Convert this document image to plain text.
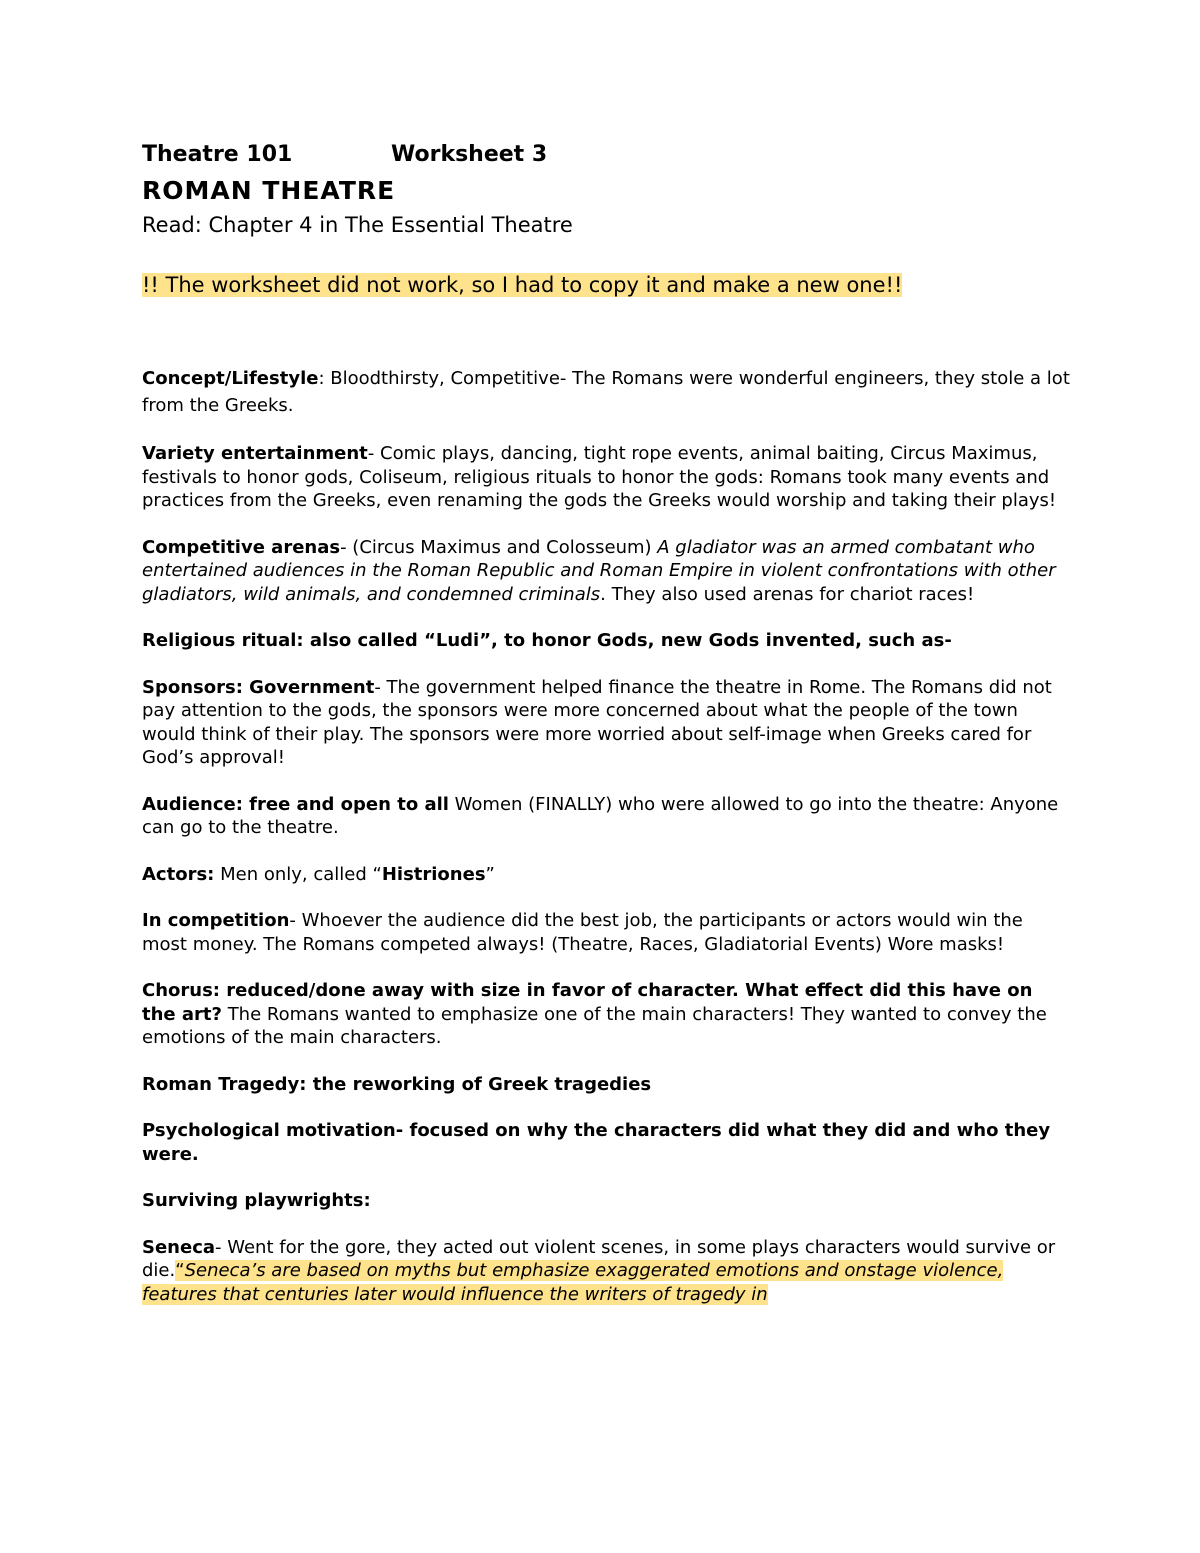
Theatre 101	Worksheet 3
ROMAN THEATRE
Read: Chapter 4 in The Essential Theatre
!! The worksheet did not work, so I had to copy it and make a new one!!
Concept/Lifestyle: Bloodthirsty, Competitive- The Romans were wonderful engineers, they stole a lot from the Greeks.
Variety entertainment- Comic plays, dancing, tight rope events, animal baiting, Circus Maximus, festivals to honor gods, Coliseum, religious rituals to honor the gods: Romans took many events and practices from the Greeks, even renaming the gods the Greeks would worship and taking their plays!
Competitive arenas- (Circus Maximus and Colosseum) A gladiator was an armed combatant who entertained audiences in the Roman Republic and Roman Empire in violent confrontations with other gladiators, wild animals, and condemned criminals. They also used arenas for chariot races!
Religious ritual: also called “Ludi”, to honor Gods, new Gods invented, such as-
Sponsors: Government- The government helped finance the theatre in Rome. The Romans did not pay attention to the gods, the sponsors were more concerned about what the people of the town would think of their play. The sponsors were more worried about self-image when Greeks cared for God’s approval!
Audience: free and open to all Women (FINALLY) who were allowed to go into the theatre: Anyone can go to the theatre.
Actors: Men only, called “Histriones”
In competition- Whoever the audience did the best job, the participants or actors would win the most money. The Romans competed always! (Theatre, Races, Gladiatorial Events) Wore masks!
Chorus: reduced/done away with size in favor of character. What effect did this have on the art? The Romans wanted to emphasize one of the main characters! They wanted to convey the emotions of the main characters.
Roman Tragedy: the reworking of Greek tragedies
Psychological motivation- focused on why the characters did what they did and who they were.
Surviving playwrights:
Seneca- Went for the gore, they acted out violent scenes, in some plays characters would survive or die.“Seneca’s are based on myths but emphasize exaggerated emotions and onstage violence, features that centuries later would influence the writers of tragedy in
